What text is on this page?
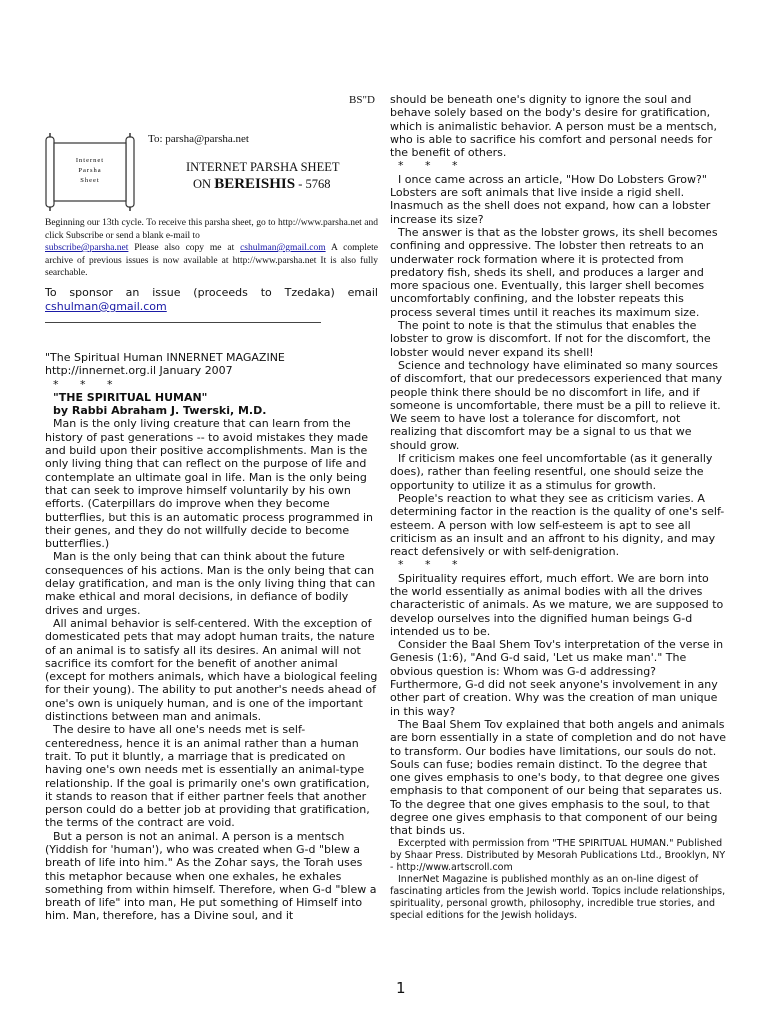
BS"D
Internet
Parsha
Sheet
To: parsha@parsha.net
INTERNET PARSHA SHEET
ON BEREISHIS - 5768
Beginning our 13th cycle. To receive this parsha sheet, go to http://www.parsha.net and click Subscribe or send a blank e-mail to
subscribe@parsha.net Please also copy me at cshulman@gmail.com A complete archive of previous issues is now available at http://www.parsha.net It is also fully searchable.
To sponsor an issue (proceeds to Tzedaka) email
cshulman@gmail.com

"The Spiritual Human INNERNET MAGAZINE

http://innernet.org.il January 2007

* * *

"THE SPIRITUAL HUMAN"

by Rabbi Abraham J. Twerski, M.D.

Man is the only living creature that can learn from the history of past generations -- to avoid mistakes they made and build upon their positive accomplishments. Man is the only living thing that can reflect on the purpose of life and contemplate an ultimate goal in life. Man is the only being that can seek to improve himself voluntarily by his own efforts. (Caterpillars do improve when they become butterflies, but this is an automatic process programmed in their genes, and they do not willfully decide to become butterflies.)

Man is the only being that can think about the future consequences of his actions. Man is the only being that can delay gratification, and man is the only living thing that can make ethical and moral decisions, in defiance of bodily drives and urges.

All animal behavior is self-centered. With the exception of domesticated pets that may adopt human traits, the nature of an animal is to satisfy all its desires. An animal will not sacrifice its comfort for the benefit of another animal (except for mothers animals, which have a biological feeling for their young). The ability to put another's needs ahead of one's own is uniquely human, and is one of the important distinctions between man and animals.

The desire to have all one's needs met is self-centeredness, hence it is an animal rather than a human trait. To put it bluntly, a marriage that is predicated on having one's own needs met is essentially an animal-type relationship. If the goal is primarily one's own gratification, it stands to reason that if either partner feels that another person could do a better job at providing that gratification, the terms of the contract are void.

But a person is not an animal. A person is a mentsch (Yiddish for 'human'), who was created when G-d "blew a breath of life into him." As the Zohar says, the Torah uses this metaphor because when one exhales, he exhales something from within himself. Therefore, when G-d "blew a breath of life" into man, He put something of Himself into him. Man, therefore, has a Divine soul, and it

should be beneath one's dignity to ignore the soul and behave solely based on the body's desire for gratification, which is animalistic behavior. A person must be a mentsch, who is able to sacrifice his comfort and personal needs for the benefit of others.

* * *

I once came across an article, "How Do Lobsters Grow?" Lobsters are soft animals that live inside a rigid shell. Inasmuch as the shell does not expand, how can a lobster increase its size?

The answer is that as the lobster grows, its shell becomes confining and oppressive. The lobster then retreats to an underwater rock formation where it is protected from predatory fish, sheds its shell, and produces a larger and more spacious one. Eventually, this larger shell becomes uncomfortably confining, and the lobster repeats this process several times until it reaches its maximum size.

The point to note is that the stimulus that enables the lobster to grow is discomfort. If not for the discomfort, the lobster would never expand its shell!

Science and technology have eliminated so many sources of discomfort, that our predecessors experienced that many people think there should be no discomfort in life, and if someone is uncomfortable, there must be a pill to relieve it. We seem to have lost a tolerance for discomfort, not realizing that discomfort may be a signal to us that we should grow.

If criticism makes one feel uncomfortable (as it generally does), rather than feeling resentful, one should seize the opportunity to utilize it as a stimulus for growth.

People's reaction to what they see as criticism varies. A determining factor in the reaction is the quality of one's self-esteem. A person with low self-esteem is apt to see all criticism as an insult and an affront to his dignity, and may react defensively or with self-denigration.

* * *

Spirituality requires effort, much effort. We are born into the world essentially as animal bodies with all the drives characteristic of animals. As we mature, we are supposed to develop ourselves into the dignified human beings G-d intended us to be.

Consider the Baal Shem Tov's interpretation of the verse in Genesis (1:6), "And G-d said, 'Let us make man'." The obvious question is: Whom was G-d addressing? Furthermore, G-d did not seek anyone's involvement in any other part of creation. Why was the creation of man unique in this way?

The Baal Shem Tov explained that both angels and animals are born essentially in a state of completion and do not have to transform. Our bodies have limitations, our souls do not. Souls can fuse; bodies remain distinct. To the degree that one gives emphasis to one's body, to that degree one gives emphasis to that component of our being that separates us. To the degree that one gives emphasis to the soul, to that degree one gives emphasis to that component of our being that binds us.

Excerpted with permission from "THE SPIRITUAL HUMAN." Published by Shaar Press. Distributed by Mesorah Publications Ltd., Brooklyn, NY - http://www.artscroll.com

InnerNet Magazine is published monthly as an on-line digest of fascinating articles from the Jewish world. Topics include relationships, spirituality, personal growth, philosophy, incredible true stories, and special editions for the Jewish holidays.

1
